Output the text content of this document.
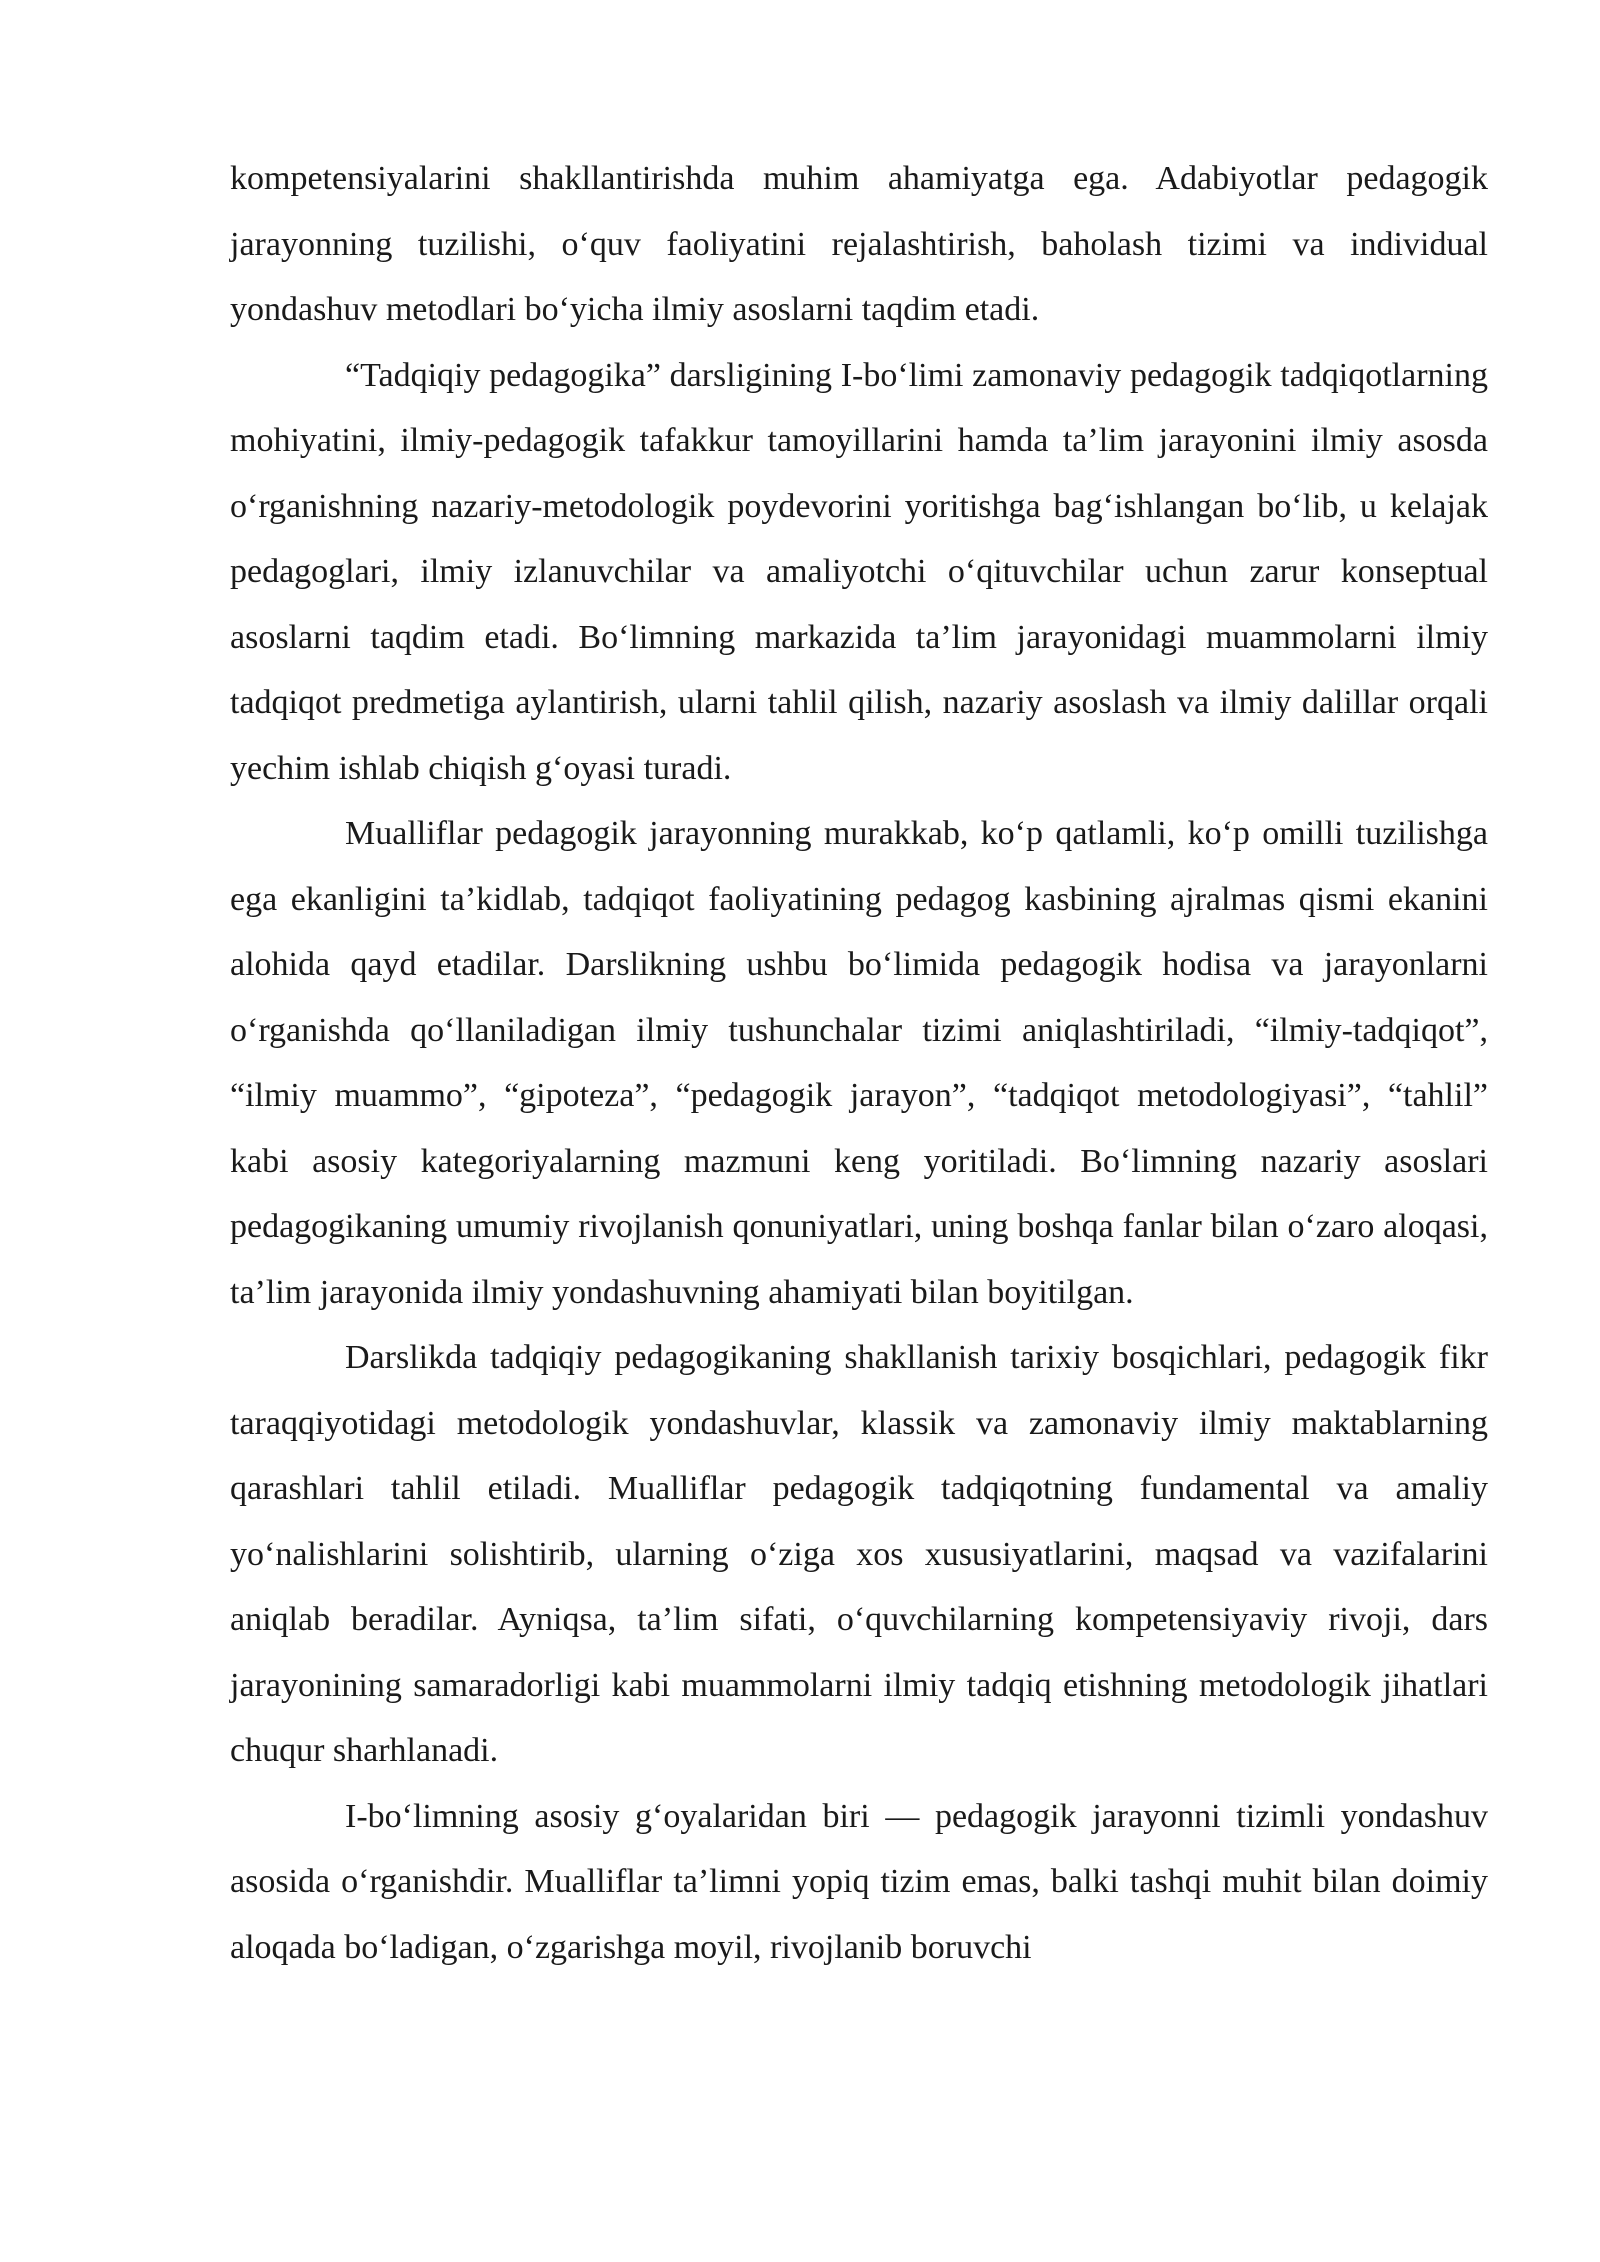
kompetensiyalarini shakllantirishda muhim ahamiyatga ega. Adabiyotlar pedagogik jarayonning tuzilishi, o‘quv faoliyatini rejalashtirish, baholash tizimi va individual yondashuv metodlari bo‘yicha ilmiy asoslarni taqdim etadi.

“Tadqiqiy pedagogika” darsligining I-bo‘limi zamonaviy pedagogik tadqiqotlarning mohiyatini, ilmiy-pedagogik tafakkur tamoyillarini hamda ta’lim jarayonini ilmiy asosda o‘rganishning nazariy-metodologik poydevorini yoritishga bag‘ishlangan bo‘lib, u kelajak pedagoglari, ilmiy izlanuvchilar va amaliyotchi o‘qituvchilar uchun zarur konseptual asoslarni taqdim etadi. Bo‘limning markazida ta’lim jarayonidagi muammolarni ilmiy tadqiqot predmetiga aylantirish, ularni tahlil qilish, nazariy asoslash va ilmiy dalillar orqali yechim ishlab chiqish g‘oyasi turadi.

Mualliflar pedagogik jarayonning murakkab, ko‘p qatlamli, ko‘p omilli tuzilishga ega ekanligini ta’kidlab, tadqiqot faoliyatining pedagog kasbining ajralmas qismi ekanini alohida qayd etadilar. Darslikning ushbu bo‘limida pedagogik hodisa va jarayonlarni o‘rganishda qo‘llaniladigan ilmiy tushunchalar tizimi aniqlashtiriladi, “ilmiy-tadqiqot”, “ilmiy muammo”, “gipoteza”, “pedagogik jarayon”, “tadqiqot metodologiyasi”, “tahlil” kabi asosiy kategoriyalarning mazmuni keng yoritiladi. Bo‘limning nazariy asoslari pedagogikaning umumiy rivojlanish qonuniyatlari, uning boshqa fanlar bilan o‘zaro aloqasi, ta’lim jarayonida ilmiy yondashuvning ahamiyati bilan boyitilgan.

Darslikda tadqiqiy pedagogikaning shakllanish tarixiy bosqichlari, pedagogik fikr taraqqiyotidagi metodologik yondashuvlar, klassik va zamonaviy ilmiy maktablarning qarashlari tahlil etiladi. Mualliflar pedagogik tadqiqotning fundamental va amaliy yo‘nalishlarini solishtirib, ularning o‘ziga xos xususiyatlarini, maqsad va vazifalarini aniqlab beradilar. Ayniqsa, ta’lim sifati, o‘quvchilarning kompetensiyaviy rivoji, dars jarayonining samaradorligi kabi muammolarni ilmiy tadqiq etishning metodologik jihatlari chuqur sharhlanadi.

I-bo‘limning asosiy g‘oyalaridan biri — pedagogik jarayonni tizimli yondashuv asosida o‘rganishdir. Mualliflar ta’limni yopiq tizim emas, balki tashqi muhit bilan doimiy aloqada bo‘ladigan, o‘zgarishga moyil, rivojlanib boruvchi
